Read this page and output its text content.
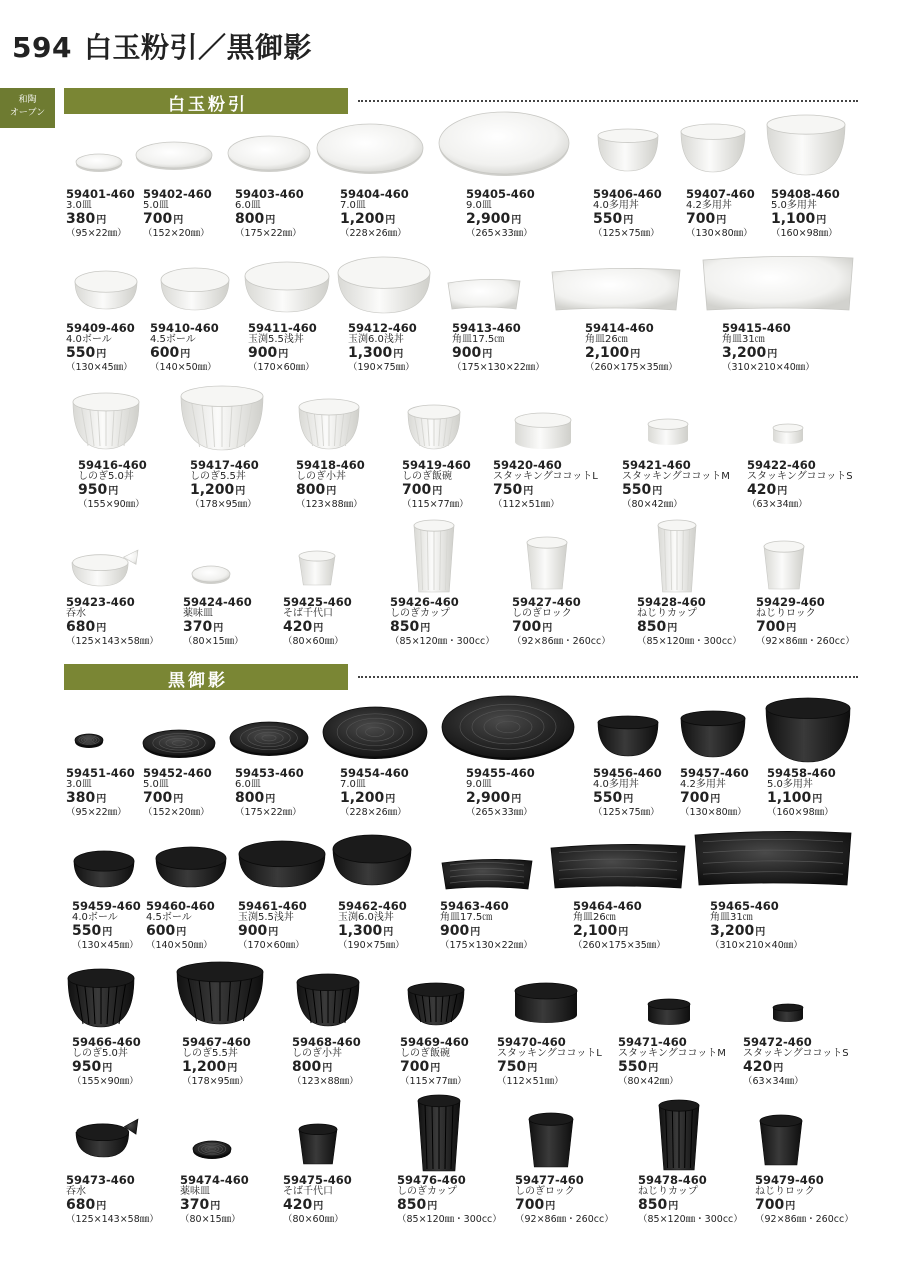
594 白玉粉引／黒御影
和陶
オーブン	白玉粉引
黒御影
59401-460
3.0皿
380円
（95×22㎜）
59402-460
5.0皿
700円
（152×20㎜）
59403-460
6.0皿
800円
（175×22㎜）
59404-460
7.0皿
1,200円
（228×26㎜）
59405-460
9.0皿
2,900円
（265×33㎜）
59406-460
4.0多用丼
550円
（125×75㎜）
59407-460
4.2多用丼
700円
（130×80㎜）
59408-460
5.0多用丼
1,100円
（160×98㎜）
59409-460
4.0ボール
550円
（130×45㎜）
59410-460
4.5ボール
600円
（140×50㎜）
59411-460
玉渕5.5浅丼
900円
（170×60㎜）
59412-460
玉渕6.0浅丼
1,300円
（190×75㎜）
59413-460
角皿17.5㎝
900円
（175×130×22㎜）
59414-460
角皿26㎝
2,100円
（260×175×35㎜）
59415-460
角皿31㎝
3,200円
（310×210×40㎜）
59416-460
しのぎ5.0丼
950円
（155×90㎜）
59417-460
しのぎ5.5丼
1,200円
（178×95㎜）
59418-460
しのぎ小丼
800円
（123×88㎜）
59419-460
しのぎ飯碗
700円
（115×77㎜）
59420-460
スタッキングココットL
750円
（112×51㎜）
59421-460
スタッキングココットM
550円
（80×42㎜）
59422-460
スタッキングココットS
420円
（63×34㎜）
59423-460
呑水
680円
（125×143×58㎜）
59424-460
薬味皿
370円
（80×15㎜）
59425-460
そば千代口
420円
（80×60㎜）
59426-460
しのぎカップ
850円
（85×120㎜・300cc）
59427-460
しのぎロック
700円
（92×86㎜・260cc）
59428-460
ねじりカップ
850円
（85×120㎜・300cc）
59429-460
ねじりロック
700円
（92×86㎜・260cc）
59451-460
3.0皿
380円
（95×22㎜）
59452-460
5.0皿
700円
（152×20㎜）
59453-460
6.0皿
800円
（175×22㎜）
59454-460
7.0皿
1,200円
（228×26㎜）
59455-460
9.0皿
2,900円
（265×33㎜）
59456-460
4.0多用丼
550円
（125×75㎜）
59457-460
4.2多用丼
700円
（130×80㎜）
59458-460
5.0多用丼
1,100円
（160×98㎜）
59459-460
4.0ボール
550円
（130×45㎜）
59460-460
4.5ボール
600円
（140×50㎜）
59461-460
玉渕5.5浅丼
900円
（170×60㎜）
59462-460
玉渕6.0浅丼
1,300円
（190×75㎜）
59463-460
角皿17.5㎝
900円
（175×130×22㎜）
59464-460
角皿26㎝
2,100円
（260×175×35㎜）
59465-460
角皿31㎝
3,200円
（310×210×40㎜）
59466-460
しのぎ5.0丼
950円
（155×90㎜）
59467-460
しのぎ5.5丼
1,200円
（178×95㎜）
59468-460
しのぎ小丼
800円
（123×88㎜）
59469-460
しのぎ飯碗
700円
（115×77㎜）
59470-460
スタッキングココットL
750円
（112×51㎜）
59471-460
スタッキングココットM
550円
（80×42㎜）
59472-460
スタッキングココットS
420円
（63×34㎜）
59473-460
呑水
680円
（125×143×58㎜）
59474-460
薬味皿
370円
（80×15㎜）
59475-460
そば千代口
420円
（80×60㎜）
59476-460
しのぎカップ
850円
（85×120㎜・300cc）
59477-460
しのぎロック
700円
（92×86㎜・260cc）
59478-460
ねじりカップ
850円
（85×120㎜・300cc）
59479-460
ねじりロック
700円
（92×86㎜・260cc）
